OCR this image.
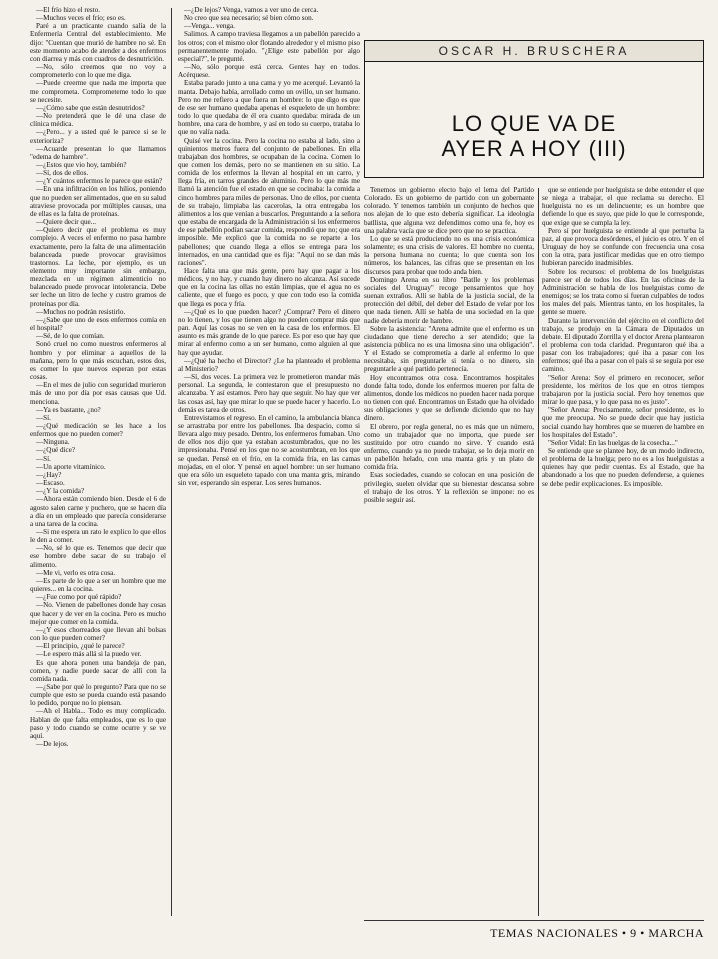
—El frío hizo el resto.

—Muchos veces el frío; eso es.

Paré a un practicante cuando salía de la Enfermería Central del establecimiento. Me dijo: "Cuentan que murió de hambre no sé. En este momento acabo de atender a dos enfermos con diarrea y más con cuadros de desnutrición.

—No, sólo creemos que no voy a comprometerlo con lo que me diga.

—Puede creerme que nada me importa que me comprometa. Comprometeme todo lo que se necesite.

—¿Cómo sabe que están desnutridos?

—No pretenderá que le dé una clase de clínica médica.

—¿Pero... y a usted qué le parece si se le exterioriza?

—Acuarde presentan lo que llamamos "edema de hambre".

—¿Estos que vio hoy, también?

—Sí, dos de ellos.

—¿Y cuántos enfermos le parece que están?

—En una infiltración en los hilios, poniendo que no pueden ser alimentados, que en su salud atraviese provocada por múltiples causas, una de ellas es la falta de proteínas.

—Quiere decir que...

—Quiero decir que el problema es muy complejo. A veces el enfermo no pasa hambre exactamente, pero la falta de una alimentación balanceada puede provocar gravísimos trastornos. La leche, por ejemplo, es un elemento muy importante sin embargo, mezclada en un régimen alimenticio no balanceado puede provocar intolerancia. Debe ser leche un litro de leche y custro gramos de proteínas por día.

—Muchos no podrán resistirlo.

—¿Sabe que uno de esos enfermos comía en el hospital?

—Sé, de lo que comían.

Sonó cruel no como nuestros enfermeros al hombro y por eliminar a aquellos de la mañana, pero lo que más escuchan, estos dos, es comer lo que nuevos esperan por estas cosas.

—En el mes de julio con seguridad murieron más de uno por día por esas causas que Ud. menciona.

—Ya es bastante, ¿no?

—Sí.

—¿Qué medicación se les hace a los enfermos que no pueden comer?

—Ninguna.

—¿Qué dice?

—Sí.

—Un aporte vitamínico.

—¿Hay?

—Escaso.

—¿Y la comida?

—Ahora están comiendo bien. Desde el 6 de agosto salen carne y puchero, que se hacen día a día en un empleado que parecía considerarse a una tarea de la cocina.

—Si me espera un rato le explico lo que ellos le den a comer.

—No, sé lo que es. Tenemos que decir que ese hombre debe sacar de su trabajo el alimento.

—Me vi, verlo es otra cosa.

—Es parte de lo que a ser un hombre que me quieres... en la cocina.

—¿Fue como por qué rápido?

—No. Vienen de pabellones donde hay cosas que hacer y de ver en la cocina. Pero es mucho mejor que comer en la comida.

—¿Y esos chorreados que llevan ahí bolsas con lo que pueden comer?

—El principio, ¿qué le parece?

—Le espero más allá si la puedo ver.

Es que ahora ponen una bandeja de pan, comen, y nadie puede sacar de allí con la comida nada.

—¿Sabe por qué lo pregunto? Para que no se cumple que esto se pueda cuando está pasando lo pedido, porque no lo piensan.

—Ah el Habla... Todo es muy complicado. Hablan de que falta empleados, que es lo que paso y todo cuando se come ocurre y se ve aquí.

—De lejos.

—¿De lejos? Venga, vamos a ver uno de cerca.

No creo que sea necesario; sé bien cómo son.

—Venga... venga.

Salimos. A campo traviesa llegamos a un pabellón parecido a los otros; con el mismo olor flotando alrededor y el mismo piso permanentemente mojado. "¿Elige este pabellón por algo especial?", le pregunté.

—No, sólo porque está cerca. Gentes hay en todos. Acérquese.

Estaba parado junto a una cama y yo me acerqué. Levantó la manta. Debajo había, arrollado como un ovillo, un ser humano. Pero no me refiero a que fuera un hombre: lo que digo es que de ese ser humano quedaba apenas el esqueleto de un hombre: todo lo que quedaba de él era cuanto quedaba: mirada de un hombre, una cara de hombre, y así en todo su cuerpo, trataba lo que no valía nada.

Quisé ver la cocina. Pero la cocina no estaba al lado, sino a quinientos metros fuera del conjunto de pabellones. En ella trabajaban dos hombres, se ocupaban de la cocina. Comen lo que comen los demás, pero no se mantienen en su sitio. La comida de los enfermos la llevan al hospital en un carro, y llega fría, en tarros grandes de aluminio. Pero lo que más me llamó la atención fue el estado en que se cocinaba: la comida a cinco hombres para miles de personas. Uno de ellos, por cuenta de su trabajo, limpiaba las cacerolas, la otra entregaba los alimentos a los que venían a buscarlos. Preguntando a la señora que estaba de encargada de la Administración si los enfermeros de ese pabellón podían sacar comida, respondió que no; que era imposible. Me explicó que la comida no se reparte a los pabellones; que cuando llega a ellos se entrega para los internados, en una cantidad que es fija: "Aquí no se dan más raciones".

Hace falta una que más gente, pero hay que pagar a los médicos, y no hay, y cuando hay dinero no alcanza. Así sucede que en la cocina las ollas no están limpias, que el agua no es caliente, que el fuego es poco, y que con todo eso la comida que llega es poca y fría.

—¿Qué es lo que pueden hacer? ¿Comprar? Pero el dinero no lo tienen, y los que tienen algo no pueden comprar más que pan. Aquí las cosas no se ven en la casa de los enfermos. El asunto es más grande de lo que parece. Es por eso que hay que mirar al enfermo como a un ser humano, como alguien al que hay que ayudar.

—¿Qué ha hecho el Director? ¿Le ha planteado el problema al Ministerio?

—Sí, dos veces. La primera vez le prometieron mandar más personal. La segunda, le contestaron que el presupuesto no alcanzaba. Y así estamos. Pero hay que seguir. No hay que ver las cosas así, hay que mirar lo que se puede hacer y hacerlo. Lo demás es tarea de otros.

Entrevistamos el regreso. En el camino, la ambulancia blanca se arrastraba por entre los pabellones. Iba despacio, como si llevara algo muy pesado. Dentro, los enfermeros fumaban. Uno de ellos nos dijo que ya estaban acostumbrados, que no les impresionaba. Pensé en los que no se acostumbran, en los que se quedan. Pensé en el frío, en la comida fría, en las camas mojadas, en el olor. Y pensé en aquel hombre: un ser humano que era sólo un esqueleto tapado con una manta gris, mirando sin ver, esperando sin esperar. Los seres humanos.

OSCAR H. BRUSCHERA
LO QUE VA DE
AYER A HOY (III)

Tenemos un gobierno electo bajo el lema del Partido Colorado. Es un gobierno de partido con un gobernante colorado. Y tenemos también un conjunto de hechos que nos alejan de lo que esto debería significar. La ideología batllista, que alguna vez defendimos como una fe, hoy es una palabra vacía que se dice pero que no se practica.

Lo que se está produciendo no es una crisis económica solamente; es una crisis de valores. El hombre no cuenta, la persona humana no cuenta; lo que cuenta son los números, los balances, las cifras que se presentan en los discursos para probar que todo anda bien.

Domingo Arena en su libro "Batlle y los problemas sociales del Uruguay" recoge pensamientos que hoy suenan extraños. Allí se habla de la justicia social, de la protección del débil, del deber del Estado de velar por los que nada tienen. Allí se habla de una sociedad en la que nadie debería morir de hambre.

Sobre la asistencia: "Arena admite que el enfermo es un ciudadano que tiene derecho a ser atendido; que la asistencia pública no es una limosna sino una obligación". Y el Estado se comprometía a darle al enfermo lo que necesitaba, sin preguntarle si tenía o no dinero, sin preguntarle a qué partido pertenecía.

Hoy encontramos otra cosa. Encontramos hospitales donde falta todo, donde los enfermos mueren por falta de alimentos, donde los médicos no pueden hacer nada porque no tienen con qué. Encontramos un Estado que ha olvidado sus obligaciones y que se defiende diciendo que no hay dinero.

El obrero, por regla general, no es más que un número, como un trabajador que no importa, que puede ser sustituido por otro cuando no sirve. Y cuando está enfermo, cuando ya no puede trabajar, se lo deja morir en un pabellón helado, con una manta gris y un plato de comida fría.

Esas sociedades, cuando se colocan en una posición de privilegio, suelen olvidar que su bienestar descansa sobre el trabajo de los otros. Y la reflexión se impone: no es posible seguir así.

que se entiende por huelguista se debe entender el que se niega a trabajar, el que reclama su derecho. El huelguista no es un delincuente; es un hombre que defiende lo que es suyo, que pide lo que le corresponde, que exige que se cumpla la ley.

Pero sí por huelguista se entiende al que perturba la paz, al que provoca desórdenes, el juicio es otro. Y en el Uruguay de hoy se confunde con frecuencia una cosa con la otra, para justificar medidas que en otro tiempo hubieran parecido inadmisibles.

Sobre los recursos: el problema de los huelguistas parece ser el de todos los días. En las oficinas de la Administración se habla de los huelguistas como de enemigos; se los trata como si fueran culpables de todos los males del país. Mientras tanto, en los hospitales, la gente se muere.

Durante la intervención del ejército en el conflicto del trabajo, se produjo en la Cámara de Diputados un debate. El diputado Zorrilla y el doctor Arena plantearon el problema con toda claridad. Preguntaron qué iba a pasar con los trabajadores; qué iba a pasar con los enfermos; qué iba a pasar con el país si se seguía por ese camino.

"Señor Arena: Soy el primero en reconocer, señor presidente, los méritos de los que en otros tiempos trabajaron por la justicia social. Pero hoy tenemos que mirar lo que pasa, y lo que pasa no es justo".

"Señor Arena: Precisamente, señor presidente, es lo que me preocupa. No se puede decir que hay justicia social cuando hay hombres que se mueren de hambre en los hospitales del Estado".

"Señor Vidal: En las huelgas de la cosecha..."

Se entiende que se plantee hoy, de un modo indirecto, el problema de la huelga; pero no es a los huelguistas a quienes hay que pedir cuentas. Es al Estado, que ha abandonado a los que no pueden defenderse, a quienes se debe pedir explicaciones. Es imposible.

TEMAS NACIONALES • 9 • MARCHA
